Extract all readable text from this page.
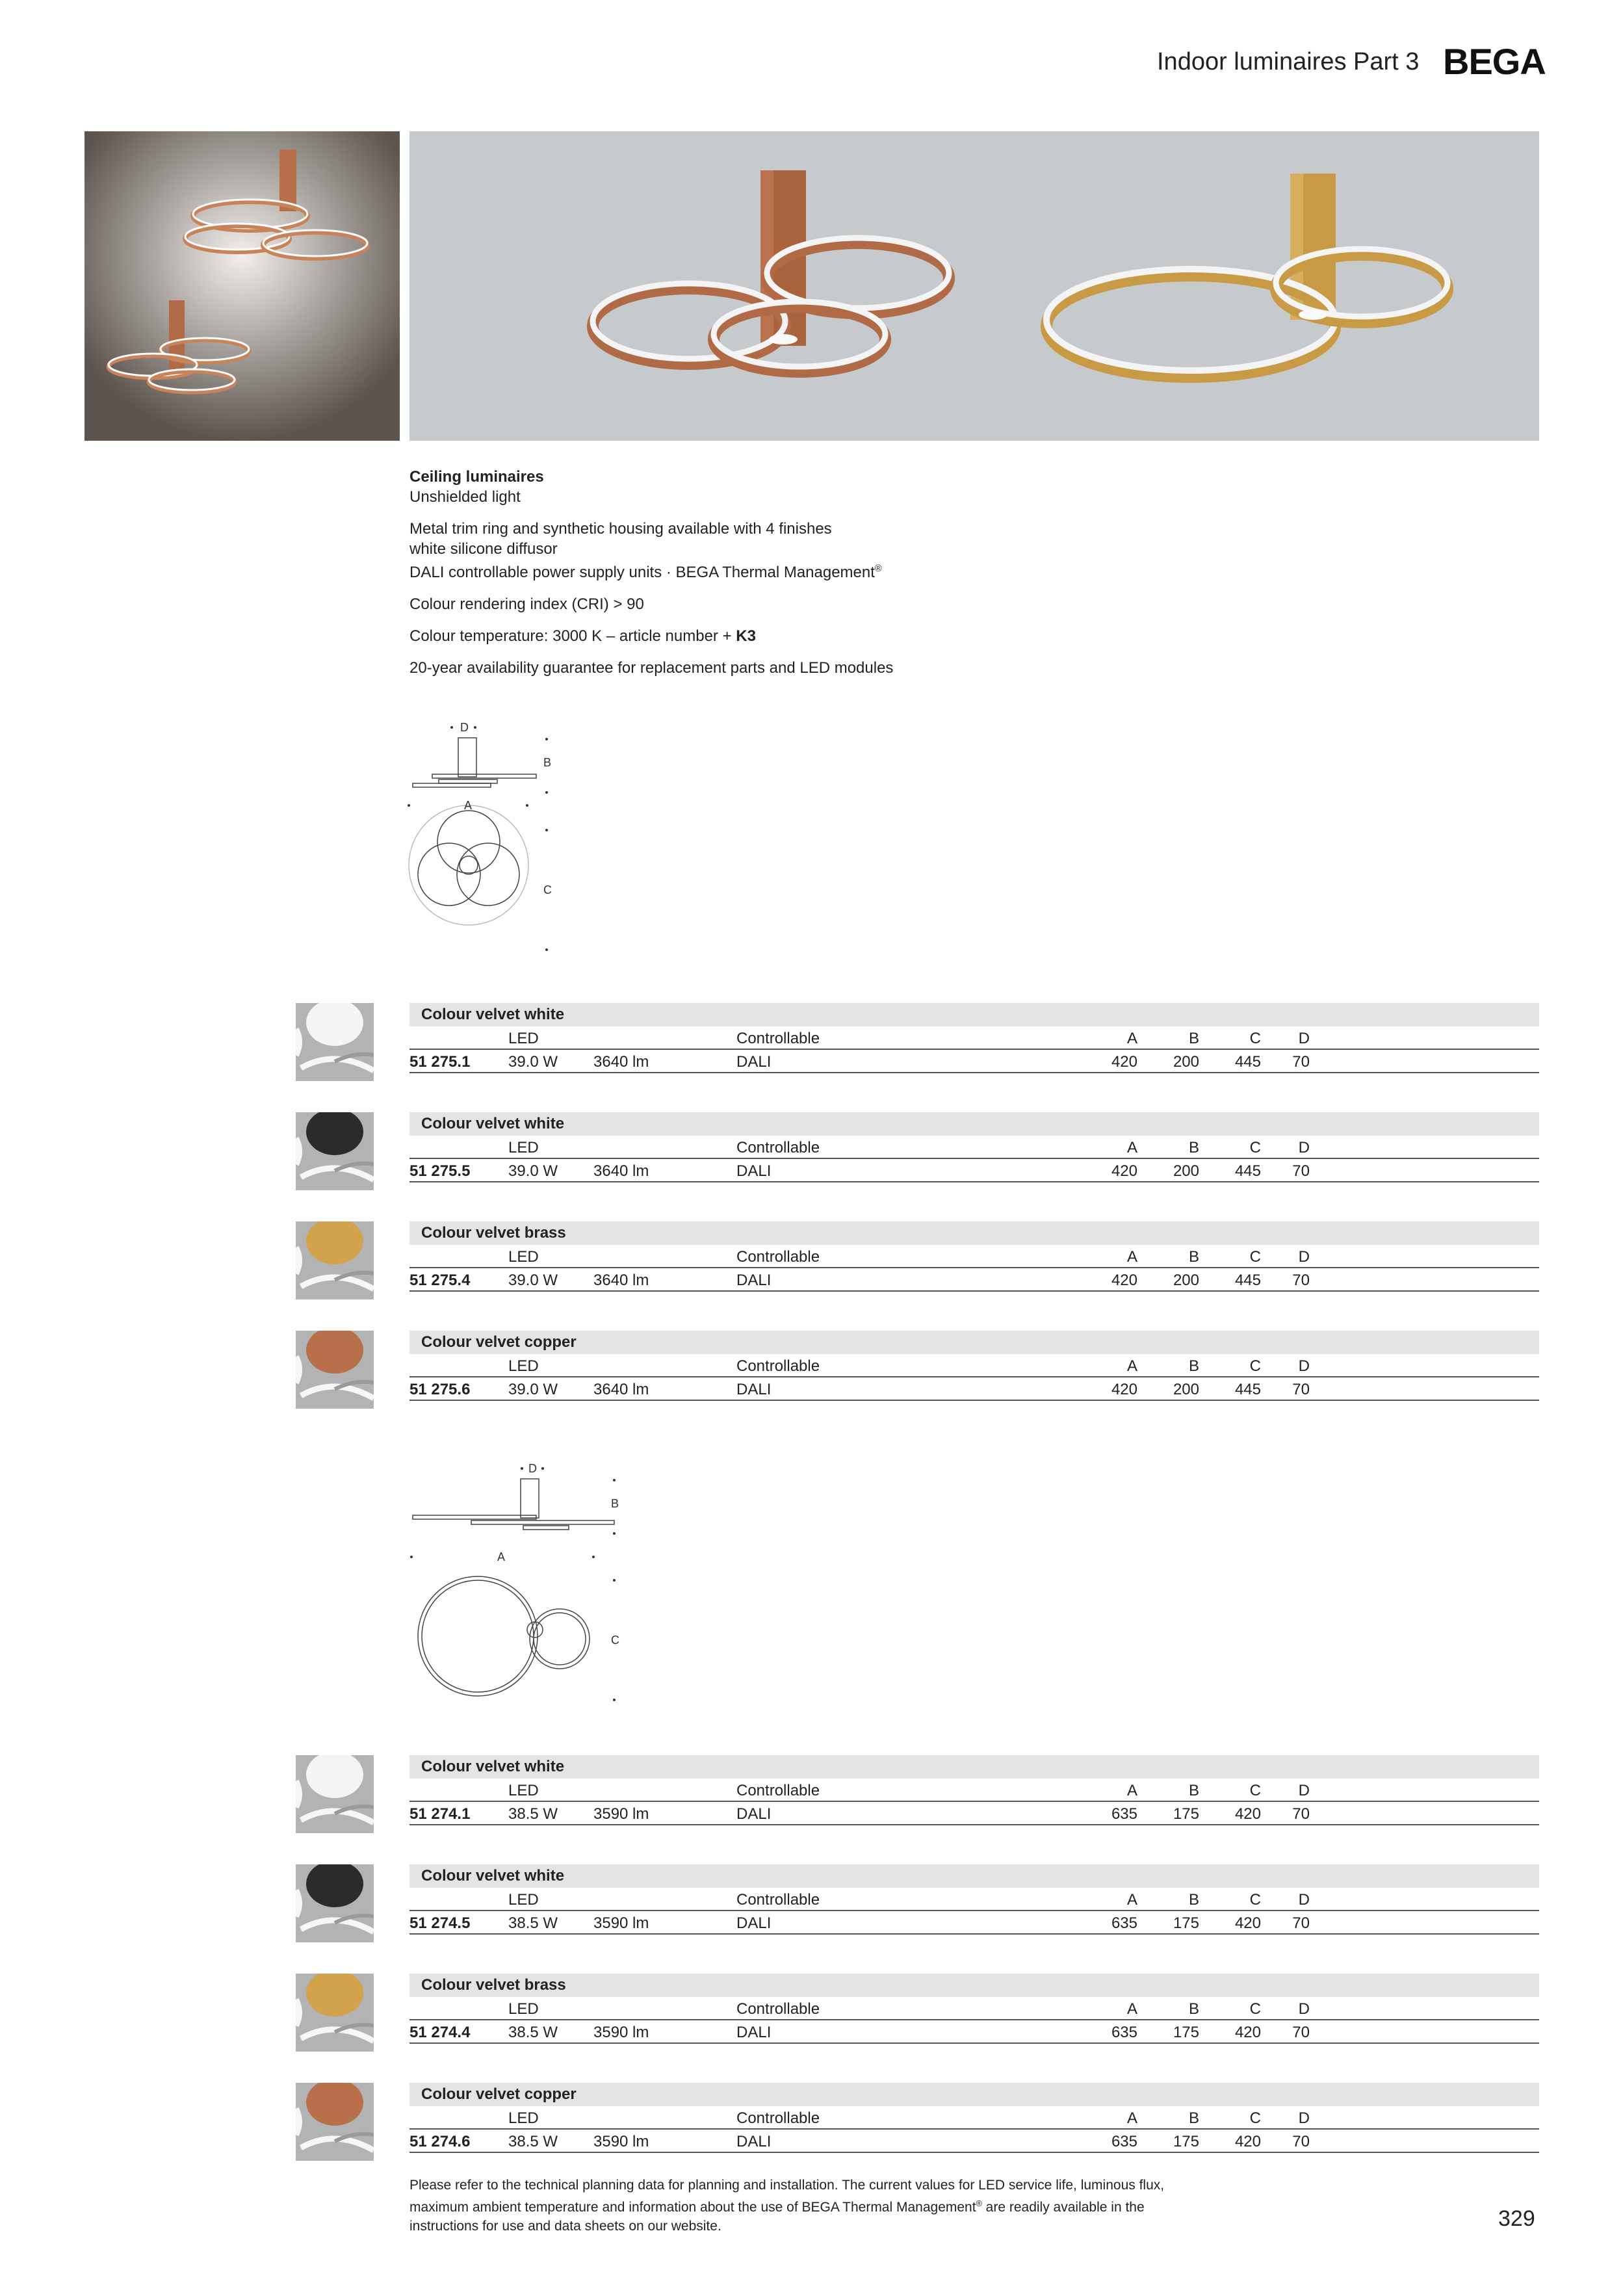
Indoor luminaires Part 3 BEGA

Ceiling luminaires
Unshielded light

Metal trim ring and synthetic housing available with 4 finishes
white silicone diffusor
DALI controllable power supply units · BEGA Thermal Management®

Colour rendering index (CRI) > 90

Colour temperature: 3000 K – article number + K3

20-year availability guarantee for replacement parts and LED modules

D
B
A
C
D
B
A
C
Colour velvet white
LED	Controllable	A	B	C	D
51 275.1 39.0 W 3640 lm	DALI	420	200	445	70
Colour velvet white
LED	Controllable	A	B	C	D
51 275.5 39.0 W 3640 lm	DALI	420	200	445	70
Colour velvet brass
LED	Controllable	A	B	C	D
51 275.4 39.0 W 3640 lm	DALI	420	200	445	70
Colour velvet copper
LED	Controllable	A	B	C	D
51 275.6 39.0 W 3640 lm	DALI	420	200	445	70
Colour velvet white
LED	Controllable	A	B	C	D
51 274.1 38.5 W 3590 lm	DALI	635	175	420	70
Colour velvet white
LED	Controllable	A	B	C	D
51 274.5 38.5 W 3590 lm	DALI	635	175	420	70
Colour velvet brass
LED	Controllable	A	B	C	D
51 274.4 38.5 W 3590 lm	DALI	635	175	420	70
Colour velvet copper
LED	Controllable	A	B	C	D
51 274.6 38.5 W 3590 lm	DALI	635	175	420	70
Please refer to the technical planning data for planning and installation. The current values for LED service life, luminous flux,
maximum ambient temperature and information about the use of BEGA Thermal Management® are readily available in the
instructions for use and data sheets on our website.	329
